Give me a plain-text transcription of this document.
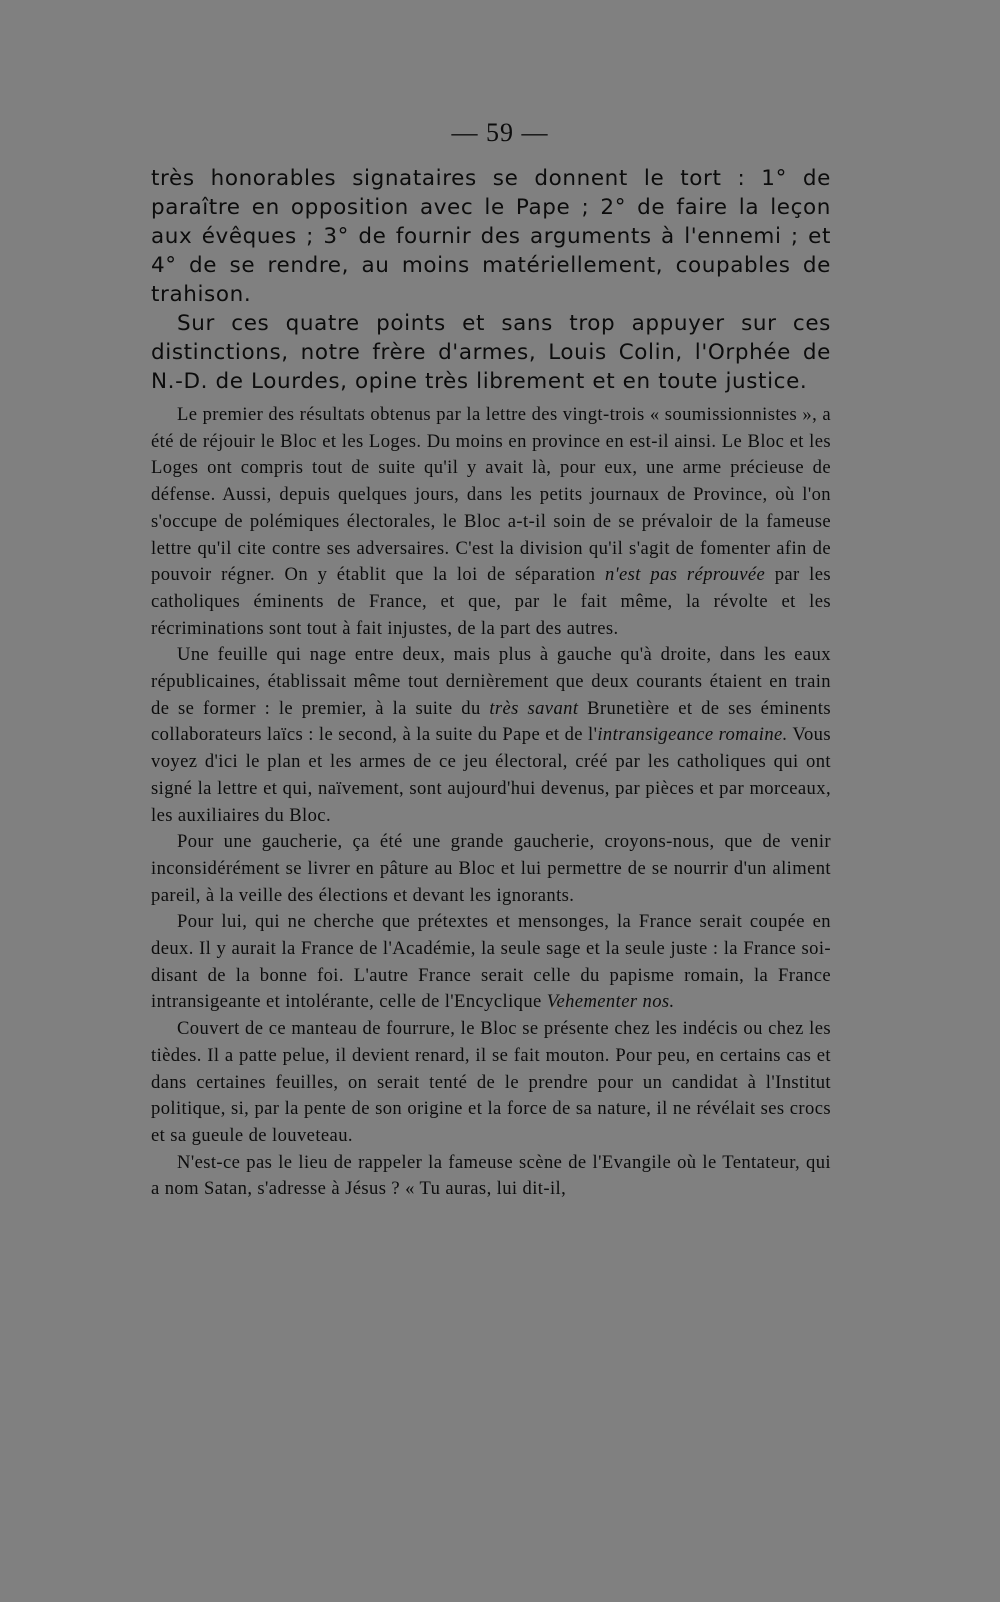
— 59 —

très honorables signataires se donnent le tort : 1° de paraître en opposition avec le Pape ; 2° de faire la leçon aux évêques ; 3° de fournir des arguments à l'ennemi ; et 4° de se rendre, au moins matériellement, coupables de trahison.

Sur ces quatre points et sans trop appuyer sur ces distinctions, notre frère d'armes, Louis Colin, l'Orphée de N.-D. de Lourdes, opine très librement et en toute justice.

Le premier des résultats obtenus par la lettre des vingt-trois « soumissionnistes », a été de réjouir le Bloc et les Loges. Du moins en province en est-il ainsi. Le Bloc et les Loges ont compris tout de suite qu'il y avait là, pour eux, une arme précieuse de défense. Aussi, depuis quelques jours, dans les petits journaux de Province, où l'on s'occupe de polémiques électorales, le Bloc a-t-il soin de se prévaloir de la fameuse lettre qu'il cite contre ses adversaires. C'est la division qu'il s'agit de fomenter afin de pouvoir régner. On y établit que la loi de séparation n'est pas réprouvée par les catholiques éminents de France, et que, par le fait même, la révolte et les récriminations sont tout à fait injustes, de la part des autres.

Une feuille qui nage entre deux, mais plus à gauche qu'à droite, dans les eaux républicaines, établissait même tout dernièrement que deux courants étaient en train de se former : le premier, à la suite du très savant Brunetière et de ses éminents collaborateurs laïcs : le second, à la suite du Pape et de l'intransigeance romaine. Vous voyez d'ici le plan et les armes de ce jeu électoral, créé par les catholiques qui ont signé la lettre et qui, naïvement, sont aujourd'hui devenus, par pièces et par morceaux, les auxiliaires du Bloc.

Pour une gaucherie, ça été une grande gaucherie, croyons-nous, que de venir inconsidérément se livrer en pâture au Bloc et lui permettre de se nourrir d'un aliment pareil, à la veille des élections et devant les ignorants.

Pour lui, qui ne cherche que prétextes et mensonges, la France serait coupée en deux. Il y aurait la France de l'Académie, la seule sage et la seule juste : la France soi-disant de la bonne foi. L'autre France serait celle du papisme romain, la France intransigeante et intolérante, celle de l'Encyclique Vehementer nos.

Couvert de ce manteau de fourrure, le Bloc se présente chez les indécis ou chez les tièdes. Il a patte pelue, il devient renard, il se fait mouton. Pour peu, en certains cas et dans certaines feuilles, on serait tenté de le prendre pour un candidat à l'Institut politique, si, par la pente de son origine et la force de sa nature, il ne révélait ses crocs et sa gueule de louveteau.

N'est-ce pas le lieu de rappeler la fameuse scène de l'Evangile où le Tentateur, qui a nom Satan, s'adresse à Jésus ? « Tu auras, lui dit-il,
